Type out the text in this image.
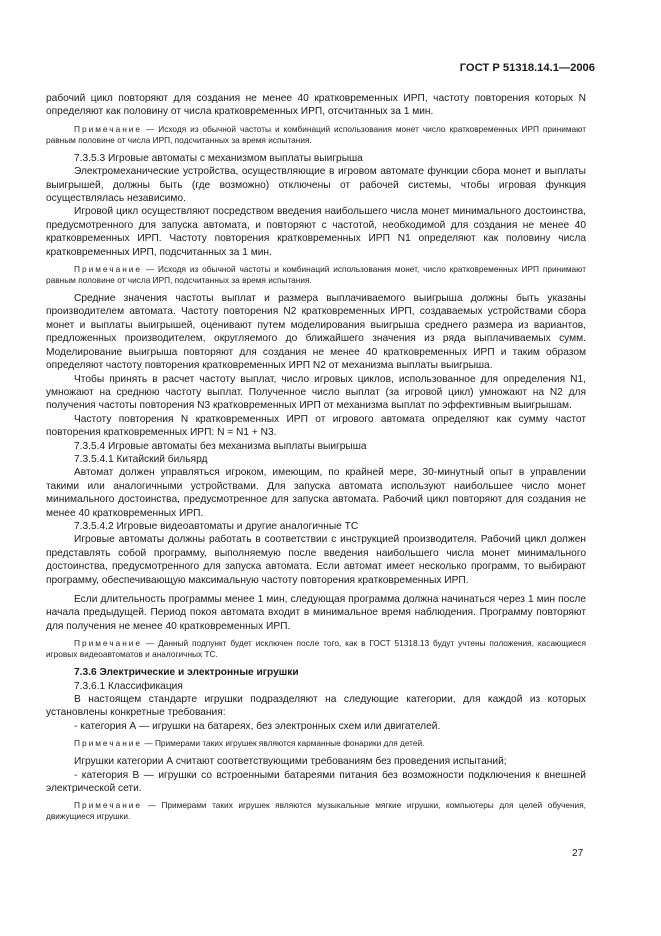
ГОСТ Р 51318.14.1—2006

рабочий цикл повторяют для создания не менее 40 кратковременных ИРП, частоту повторения которых N определяют как половину от числа кратковременных ИРП, отсчитанных за 1 мин.

Примечание — Исходя из обычной частоты и комбинаций использования монет число кратковременных ИРП принимают равным половине от числа ИРП, подсчитанных за время испытания.

7.3.5.3 Игровые автоматы с механизмом выплаты выигрыша

Электромеханические устройства, осуществляющие в игровом автомате функции сбора монет и выплаты выигрышей, должны быть (где возможно) отключены от рабочей системы, чтобы игровая функция осуществлялась независимо.

Игровой цикл осуществляют посредством введения наибольшего числа монет минимального достоинства, предусмотренного для запуска автомата, и повторяют с частотой, необходимой для создания не менее 40 кратковременных ИРП. Частоту повторения кратковременных ИРП N1 определяют как половину числа кратковременных ИРП, подсчитанных за 1 мин.

Примечание — Исходя из обычной частоты и комбинаций использования монет, число кратковременных ИРП принимают равным половине от числа ИРП, подсчитанных за время испытания.

Средние значения частоты выплат и размера выплачиваемого выигрыша должны быть указаны производителем автомата. Частоту повторения N2 кратковременных ИРП, создаваемых устройствами сбора монет и выплаты выигрышей, оценивают путем моделирования выигрыша среднего размера из вариантов, предложенных производителем, округляемого до ближайшего значения из ряда выплачиваемых сумм. Моделирование выигрыша повторяют для создания не менее 40 кратковременных ИРП и таким образом определяют частоту повторения кратковременных ИРП N2 от механизма выплаты выигрыша.

Чтобы принять в расчет частоту выплат, число игровых циклов, использованное для определения N1, умножают на среднюю частоту выплат. Полученное число выплат (за игровой цикл) умножают на N2 для получения частоты повторения N3 кратковременных ИРП от механизма выплат по эффективным выигрышам.

Частоту повторения N кратковременных ИРП от игрового автомата определяют как сумму частот повторения кратковременных ИРП: N = N1 + N3.

7.3.5.4 Игровые автоматы без механизма выплаты выигрыша

7.3.5.4.1 Китайский бильярд

Автомат должен управляться игроком, имеющим, по крайней мере, 30-минутный опыт в управлении такими или аналогичными устройствами. Для запуска автомата используют наибольшее число монет минимального достоинства, предусмотренное для запуска автомата. Рабочий цикл повторяют для создания не менее 40 кратковременных ИРП.

7.3.5.4.2 Игровые видеоавтоматы и другие аналогичные ТС

Игровые автоматы должны работать в соответствии с инструкцией производителя. Рабочий цикл должен представлять собой программу, выполняемую после введения наибольшего числа монет минимального достоинства, предусмотренного для запуска автомата. Если автомат имеет несколько программ, то выбирают программу, обеспечивающую максимальную частоту повторения кратковременных ИРП.

Если длительность программы менее 1 мин, следующая программа должна начинаться через 1 мин после начала предыдущей. Период покоя автомата входит в минимальное время наблюдения. Программу повторяют для получения не менее 40 кратковременных ИРП.

Примечание — Данный подпункт будет исключен после того, как в ГОСТ 51318.13 будут учтены положения, касающиеся игровых видеоавтоматов и аналогичных ТС.

7.3.6 Электрические и электронные игрушки

7.3.6.1 Классификация

В настоящем стандарте игрушки подразделяют на следующие категории, для каждой из которых установлены конкретные требования:

- категория А — игрушки на батареях, без электронных схем или двигателей.

Примечание — Примерами таких игрушек являются карманные фонарики для детей.

Игрушки категории А считают соответствующими требованиям без проведения испытаний;

- категория В — игрушки со встроенными батареями питания без возможности подключения к внешней электрической сети.

Примечание — Примерами таких игрушек являются музыкальные мягкие игрушки, компьютеры для целей обучения, движущиеся игрушки.

27
